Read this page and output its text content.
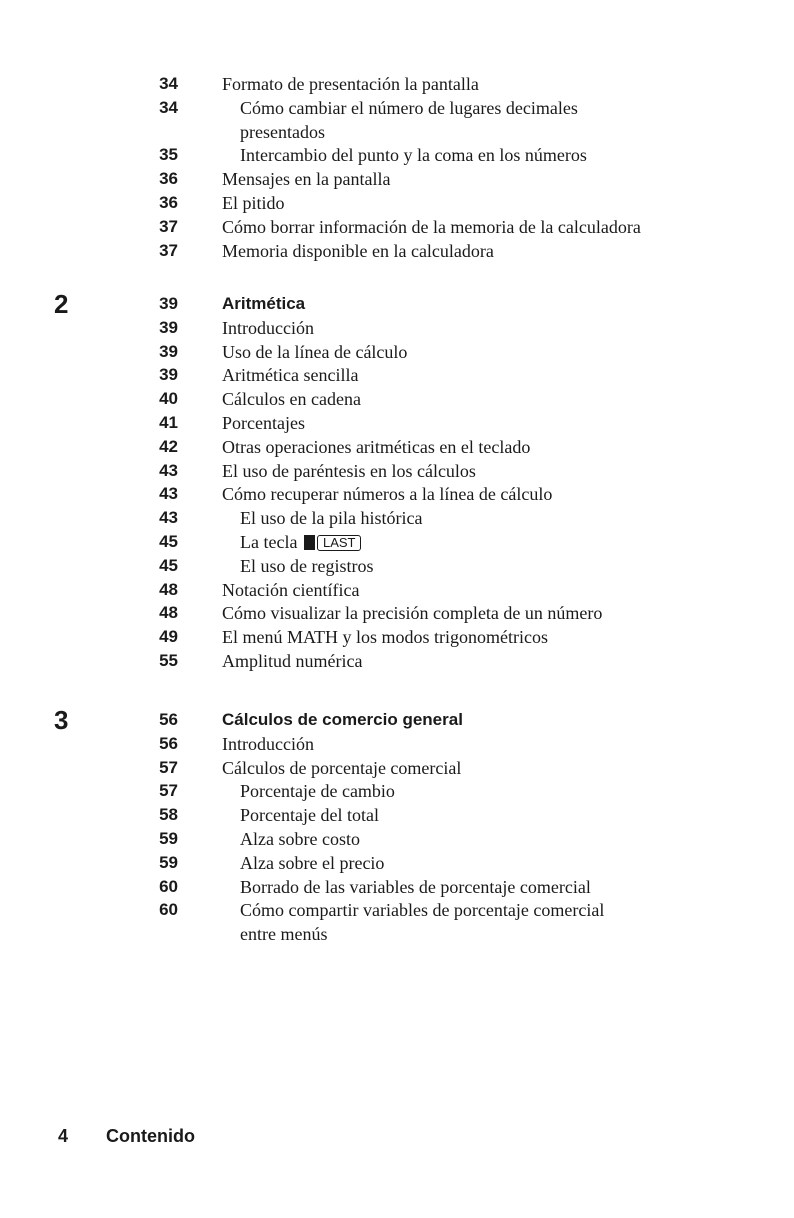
34 Formato de presentación la pantalla
34	Cómo cambiar el número de lugares decimales
presentados
35	Intercambio del punto y la coma en los números
36 Mensajes en la pantalla
36 El pitido
37 Cómo borrar información de la memoria de la calculadora
37 Memoria disponible en la calculadora
2	39	Aritmética
39 Introducción
39 Uso de la línea de cálculo
39 Aritmética sencilla
40 Cálculos en cadena
41 Porcentajes
42 Otras operaciones aritméticas en el teclado
43 El uso de paréntesis en los cálculos
43 Cómo recuperar números a la línea de cálculo
43	El uso de la pila histórica
45	La tecla LAST
45	El uso de registros
48 Notación científica
48 Cómo visualizar la precisión completa de un número
49 El menú MATH y los modos trigonométricos
55 Amplitud numérica
3	56	Cálculos de comercio general
56 Introducción
57 Cálculos de porcentaje comercial
57	Porcentaje de cambio
58	Porcentaje del total
59	Alza sobre costo
59	Alza sobre el precio
60	Borrado de las variables de porcentaje comercial
60	Cómo compartir variables de porcentaje comercial
entre menús
4 Contenido
